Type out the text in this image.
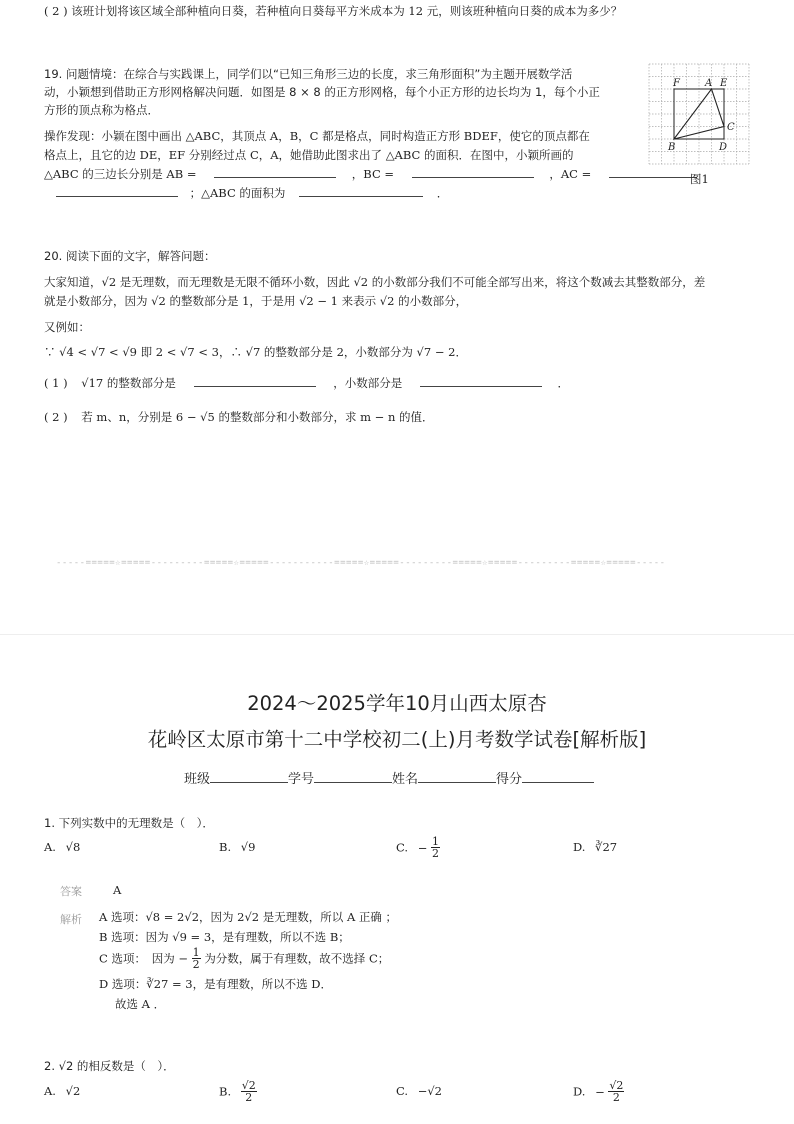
( 2 ) 该班计划将该区域全部种植向日葵，若种植向日葵每平方米成本为 12 元，则该班种植向日葵的成本为多少？
19. 问题情境：在综合与实践课上，同学们以“已知三角形三边的长度，求三角形面积”为主题开展数学活
动，小颖想到借助正方形网格解决问题．如图是 8 × 8 的正方形网格，每个小正方形的边长均为 1，每个小正
方形的顶点称为格点．
操作发现：小颖在图中画出 △ABC，其顶点 A，B，C 都是格点，同时构造正方形 BDEF，使它的顶点都在
格点上，且它的边 DE，EF 分别经过点 C，A，她借助此图求出了 △ABC 的面积．在图中，小颖所画的
△ABC 的三边长分别是 AB =	，BC =	，AC =
；△ABC 的面积为	．
F	A E
C
B	D
图1
20. 阅读下面的文字，解答问题：
大家知道，√2 是无理数，而无理数是无限不循环小数，因此 √2 的小数部分我们不可能全部写出来，将这个数减去其整数部分，差
就是小数部分，因为 √2 的整数部分是 1，于是用 √2 − 1 来表示 √2 的小数部分，
又例如：
∵ √4 < √7 < √9 即 2 < √7 < 3，∴ √7 的整数部分是 2，小数部分为 √7 − 2．
( 1 ) √17 的整数部分是	，小数部分是	．
( 2 ) 若 m、n，分别是 6 − √5 的整数部分和小数部分，求 m − n 的值．
-----=====☆=====---------=====☆=====-----------=====☆=====---------=====☆=====---------=====☆=====-----
2024～2025学年10月山西太原杏
花岭区太原市第十二中学校初二(上)月考数学试卷[解析版]
班级	学号	姓名	得分
1. 下列实数中的无理数是（　）．
A. √8	B. √9	C. − $\frac{1}{2}$	D. ∛27
答案	A
解析 A 选项：√8 = 2√2，因为 2√2 是无理数，所以 A 正确 ；
B 选项：因为 √9 = 3，是有理数，所以不选 B；
C 选项：　因为 − $\frac{1}{2}$ 为分数，属于有理数，故不选择 C；
D 选项：∛27 = 3，是有理数，所以不选 D．
故选 A ．
2. √2 的相反数是（　）．
A. √2	B. $\frac{√2}{2}$	C. −√2	D. − $\frac{√2}{2}$
